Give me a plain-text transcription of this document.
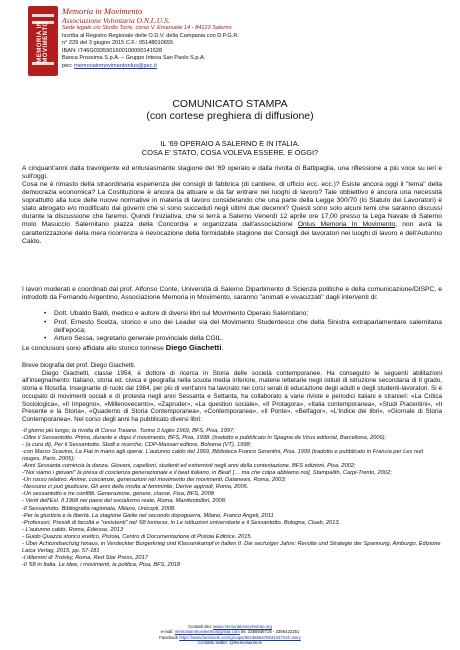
MEMORIA IN MOVIMENTO
Memoria in Movimento
Associazione Volontaria O.N.L.U.S.
Sede legale c/o Studio Torre, corso V. Emanuele 14 - 84123 Salerno
Iscritta al Registro Regionale delle O.D.V. della Campania con D.P.G.R.
n° 229 del 3 giugno 2015 C.F.: 95148010655
IBAN: IT46G0335901600100000141528
Banca Prossima S.p.A. – Gruppo Intesa San Paolo S.p.A.
pec: memoriainmovimentonlus@pec.it
COMUNICATO STAMPA
(con cortese preghiera di diffusione)
IL '69 OPERAIO A SALERNO E IN ITALIA.
COSA E' STATO, COSA VOLEVA ESSERE. E OGGI?

A cinquant'anni dalla travolgente ed entusiasmante stagione del '69 operaio e dalla rivolta di Battipaglia, una riflessione a più voce su ieri e sull'oggi.

Cosa ne è rimasto della straordinaria esperienza dei consigli di fabbrica (di cantiere, di ufficio ecc. ecc.)? Esiste ancora oggi il "tema" della democrazia economica? La Costituzione è ancora da attuare e da far entrare nei luoghi di lavoro? Tale obbiettivo è ancora una necessità soprattutto alla luce delle nuove normative in materia di lavoro considerando che una parte della Legge 300/70 (lo Statuto dei Lavoratori) è stato abrogato e/o modificato dai governi che si sono succeduti negli ultimi due decenni? Questi sono solo alcuni temi che saranno discussi durante la discussione che faremo. Quindi l'iniziativa, che si terrà a Salerno Venerdì 12 aprile ore 17,00 presso la Lega Navale di Salerno molo Masuccio Salernitano piazza della Concordia e organizzata dall'associazione Onlus Memoria In Movimento, non avrà la caratterizzazione della mera ricorrenza e rievocazione della formidabile stagione dei Consigli dei lavoratori nei luoghi di lavoro e dell'Autunno Caldo.

I lavori moderati e coordinati dal prof. Alfonso Conte, Università di Salerno Dipartimento di Scienza politiche e della comunicazione/DISPC, e introdotti da Fernando Argentino, Associazione Memoria in Movimento, saranno "animati e vivacizzati" dagli interventi di:

• Dott. Ubaldo Baldi, medico e autore di diversi libri sul Movimento Operaio Salernitano;
• Prof. Ernesto Scelza, storico e uno dei Leader sia del Movimento Studentesco che della Sinistra extraparlamentare salernitana dell'epoca;
• Arturo Sessa, segretario generale provinciale della CGIL.

Le conclusioni sono affidate allo storico torinese Diego Giachetti.

Breve biografia del prof. Diego Giachetti.

Diego Giachetti, classe 1954, è dottore di ricerca in Storia delle società contemporanee. Ha conseguito le seguenti abilitazioni all'insegnamento: Italiano, storia ed. civica e geografia nella scuola media inferiore, materie letterarie negli istituti di istruzione secondaria di II grado, storia e filosofia. Insegnante di ruolo dal 1984, per più di vent'anni ha lavorato nei corsi serali di educazione degli adulti e degli studenti-lavoratori. Si è occupato di movimenti sociali e di protesta negli anni Sessanta e Settanta, ha collaborato a varie riviste e periodici italiani e stranieri: «La Critica Sociologica», «Il Impegno», «Millenovecento», «Zapruder», «La question sociale», «Il Protagora», «Italia contemporanea», «Studi Piacentini», «Il Presente e la Storia», «Quaderno di Storia Contemporanea», «Contemporanea», «Il Ponte», «Belfagor», «L'Indice dei libri», «Giornale di Storia Contemporanea». Nel corso degli anni ha pubblicato diversi libri:

-Il giorno più lungo, la rivolta di Corso Traiano. Torino 3 luglio 1969, BFS, Pisa, 1997;

-Oltre il Sessantotto. Prima, durante e dopo il movimento, BFS, Pisa, 1998. (tradotto e pubblicato in Spagna da Virus editorial, Barcellona, 2006);

- (a cura di), Per il Sessantotto. Studi e ricerche, CDP-Massari editore, Bolsena (VT), 1998;

-con Marco Scavino, La Fiat in mano agli operai. L'autunno caldo del 1969, Biblioteca Franco Serantini, Pisa, 1999 (tradotto e pubblicato in Francia per Les nuit rouges, Paris, 2005);

-Anni Sessanta comincia la danza. Giovani, capelloni, studenti ed estremisti negli anni della contestazione, BFS edizioni, Pisa, 2002;

-"Noi siamo i giovani" la presa di coscienza generazionale e il beat italiano, in Beat! [… ma che colpa abbiamo noi], Stampalith, Carpi-Trento, 2002;

-Un rosso relativo. Anime, coscienze, generazioni nel movimento dei movimenti, Datanews, Roma, 2003;

-Nessuno ci può giudicare. Gli anni della rivolta al femminile, Derive approdi, Roma, 2005.

-Un sessantotto e tre conflitti. Generazione, genere, classe, Fisa, BFS, 2008

- Venti dell'Est. Il 1968 nei paesi del socialismo reale, Roma, Manifestolibri, 2008.

-Il Sessantotto. Bibliografia ragionata, Milano, Unicopli, 2008.

-Per la giustizia e la libertà. La stagione Gielle nel secondo dopoguerra, Milano, Franco Angeli, 2011

-Professori, Presidi di facoltà e "resistenti" nel '68 torinese, in Le istituzioni universitarie e il Sessantotto, Bologna, Clueb, 2013.

- L'autunno caldo, Roma, Ediesse, 2013

- Guido Quazza storico eretico, Pistoia, Centro di Documentazione di Pistoia Editrice, 2015.

- Über Achtundsechzig hinaus, in Verdeckter Burgerkrieg und Klassenkampf in Italien II. Die sechziger Jahre: Revolte und Strategie der Spannung, Amburgo, Edizione Laica Verlag, 2015, pp. 57-181

-I dilemmi di Trotsky, Roma, Red Star Press, 2017

-Il '68 in Italia. Le idee, i movimenti, la politica, Pisa, BFS, 2018

Contatti sito: www.memoriainmovimento.org
e-mail: memoriainmovimento@gmail.com tel. 3356936715 - 3386422251
Facebook https://www.facebook.com/groups/604386647663104/?ref=story
Contatto twitter: @memoriainmov
